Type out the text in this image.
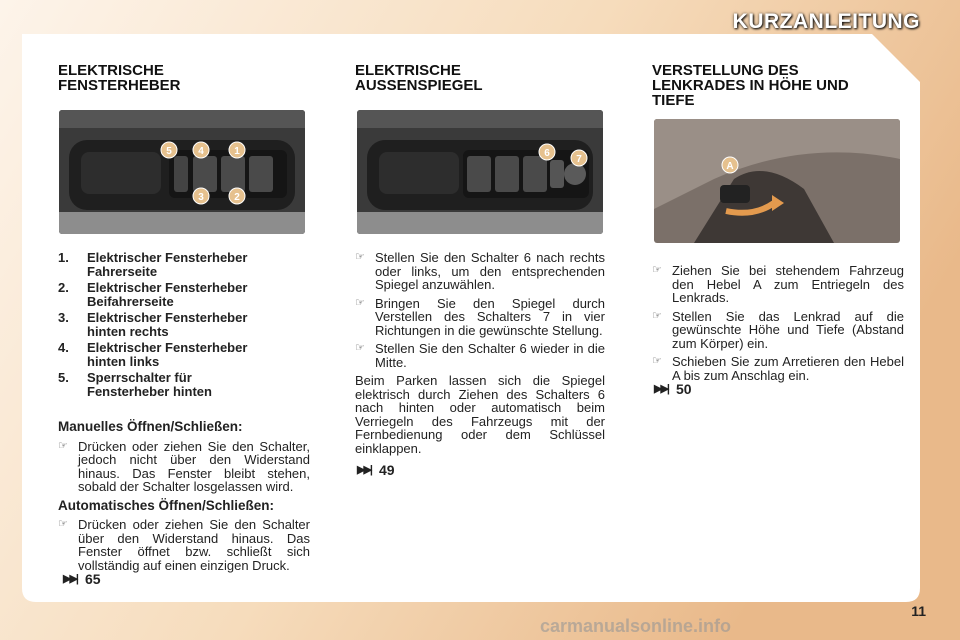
KURZANLEITUNG
ELEKTRISCHE
FENSTERHEBER
5	4	1
3	2
1.	Elektrischer Fensterheber
Fahrerseite
2.	Elektrischer Fensterheber
Beifahrerseite
3.	Elektrischer Fensterheber
hinten rechts
4.	Elektrischer Fensterheber
hinten links
5.	Sperrschalter für
Fensterheber hinten
Manuelles Öffnen/Schließen:
☞ Drücken oder ziehen Sie den Schalter, jedoch nicht über den Widerstand hinaus. Das Fenster bleibt stehen, sobald der Schalter losgelassen wird.
Automatisches Öffnen/Schließen:
☞ Drücken oder ziehen Sie den Schalter über den Widerstand hinaus. Das Fenster öffnet bzw. schließt sich vollständig auf einen einzigen Druck.
▶▶| 65
ELEKTRISCHE
AUSSENSPIEGEL
6
7
☞ Stellen Sie den Schalter 6 nach rechts oder links, um den entsprechenden Spiegel anzuwählen.
☞ Bringen Sie den Spiegel durch Verstellen des Schalters 7 in vier Richtungen in die gewünschte Stellung.
☞ Stellen Sie den Schalter 6 wieder in die Mitte.

Beim Parken lassen sich die Spiegel elektrisch durch Ziehen des Schalters 6 nach hinten oder automatisch beim Verriegeln des Fahrzeugs mit der Fernbedienung oder dem Schlüssel einklappen.

▶▶| 49
VERSTELLUNG DES
LENKRADES IN HÖHE UND
TIEFE
A
☞ Ziehen Sie bei stehendem Fahrzeug den Hebel A zum Entriegeln des Lenkrads.
☞ Stellen Sie das Lenkrad auf die gewünschte Höhe und Tiefe (Abstand zum Körper) ein.
☞ Schieben Sie zum Arretieren den Hebel A bis zum Anschlag ein.
▶▶| 50
11
carmanualsonline.info
